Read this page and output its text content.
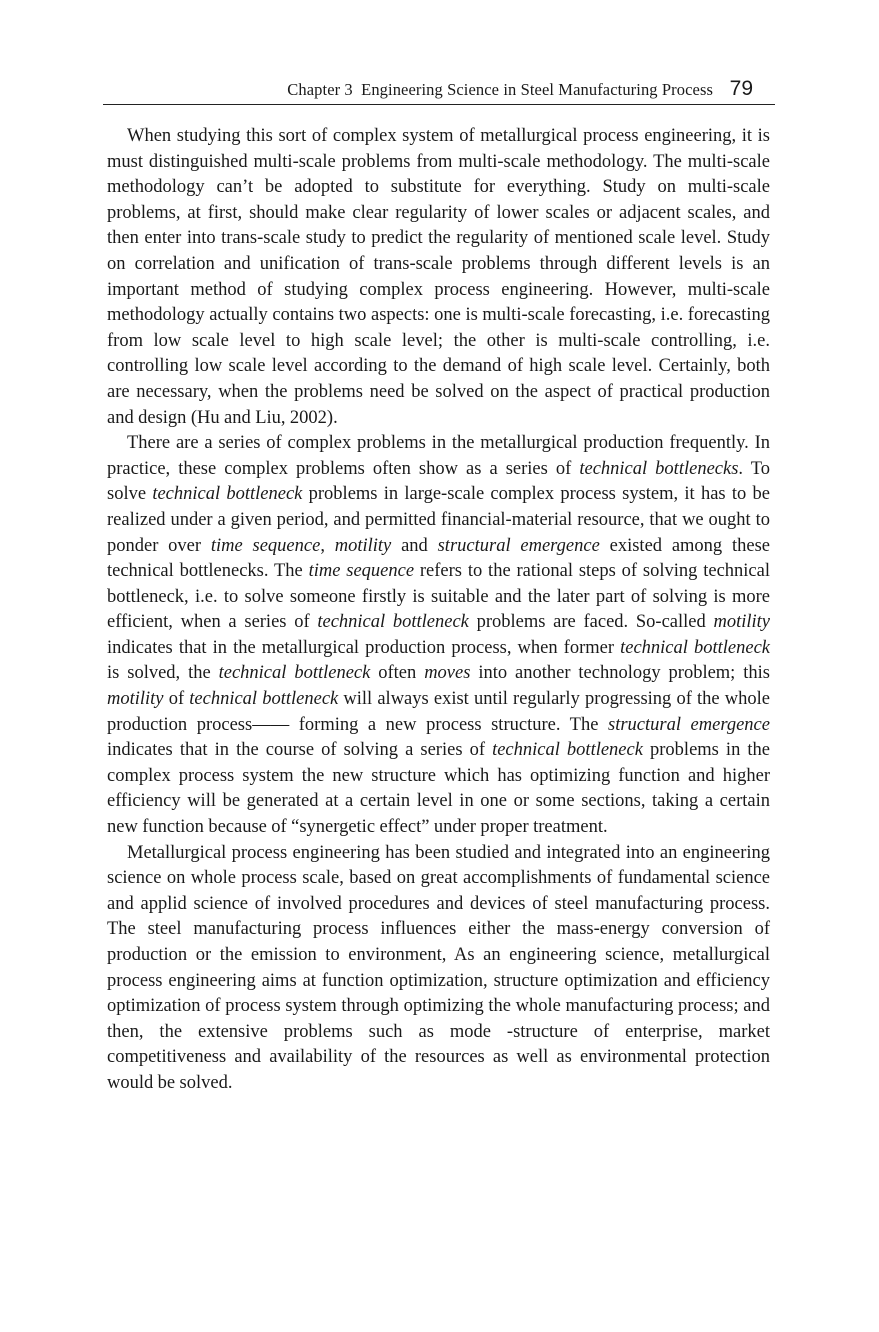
Chapter 3 Engineering Science in Steel Manufacturing Process 79

When studying this sort of complex system of metallurgical process engineering, it is must distinguished multi-scale problems from multi-scale methodology. The multi-scale methodology can’t be adopted to substitute for everything. Study on multi-scale problems, at first, should make clear regularity of lower scales or adjacent scales, and then enter into trans-scale study to predict the regularity of mentioned scale level. Study on correlation and unification of trans-scale problems through different levels is an important method of studying complex process engineering. However, multi-scale methodology actually contains two aspects: one is multi-scale forecasting, i.e. forecasting from low scale level to high scale level; the other is multi-scale controlling, i.e. controlling low scale level according to the demand of high scale level. Certainly, both are necessary, when the problems need be solved on the aspect of practical production and design (Hu and Liu, 2002).

There are a series of complex problems in the metallurgical production frequently. In practice, these complex problems often show as a series of technical bottlenecks. To solve technical bottleneck problems in large-scale complex process system, it has to be realized under a given period, and permitted financial-material resource, that we ought to ponder over time sequence, motility and structural emergence existed among these technical bottlenecks. The time sequence refers to the rational steps of solving technical bottleneck, i.e. to solve someone firstly is suitable and the later part of solving is more efficient, when a series of technical bottleneck problems are faced. So-called motility indicates that in the metallurgical production process, when former technical bottleneck is solved, the technical bottleneck often moves into another technology problem; this motility of technical bottleneck will always exist until regularly progressing of the whole production process—— forming a new process structure. The structural emergence indicates that in the course of solving a series of technical bottleneck problems in the complex process system the new structure which has optimizing function and higher efficiency will be generated at a certain level in one or some sections, taking a certain new function because of “synergetic effect” under proper treatment.

Metallurgical process engineering has been studied and integrated into an engineering science on whole process scale, based on great accomplishments of fundamental science and applid science of involved procedures and devices of steel manufacturing process. The steel manufacturing process influences either the mass-energy conversion of production or the emission to environment, As an engineering science, metallurgical process engineering aims at function optimization, structure optimization and efficiency optimization of process system through optimizing the whole manufacturing process; and then, the extensive problems such as mode -structure of enterprise, market competitiveness and availability of the resources as well as environmental protection would be solved.
